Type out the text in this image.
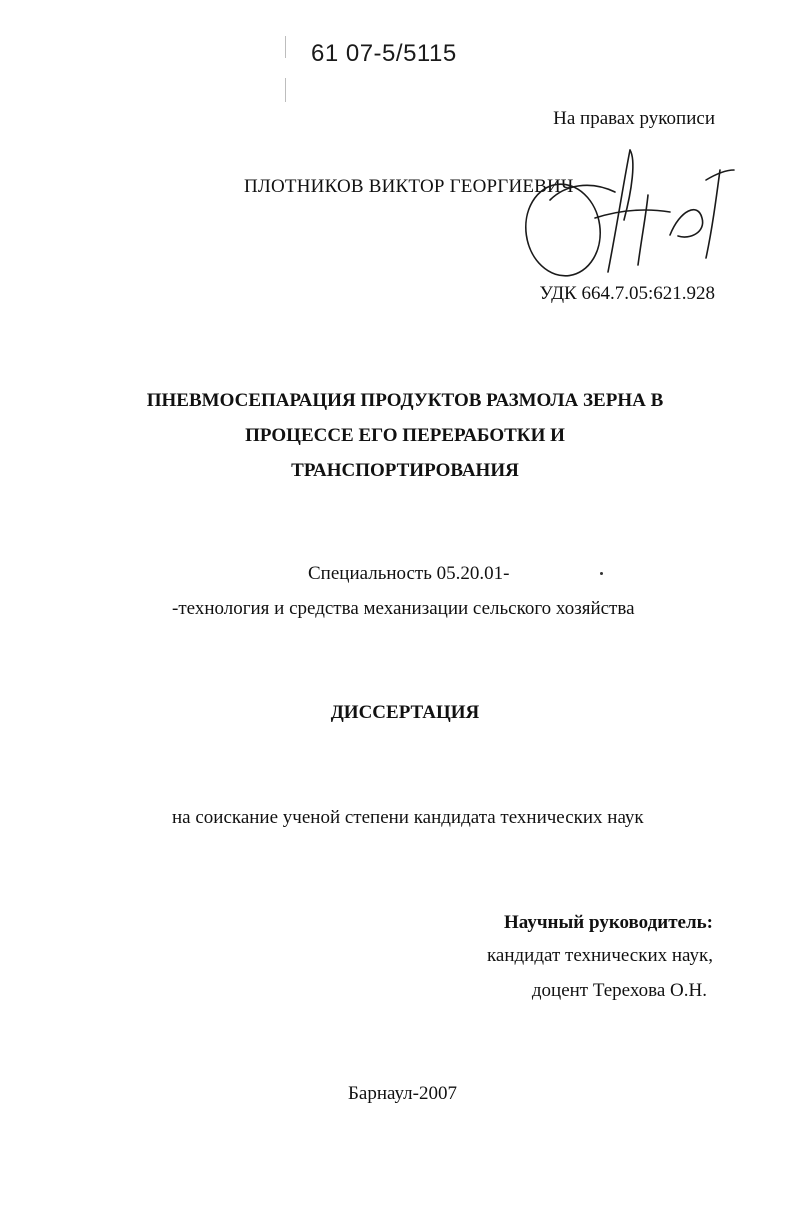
61 07-5/5115
На правах рукописи
ПЛОТНИКОВ ВИКТОР ГЕОРГИЕВИЧ
УДК 664.7.05:621.928
ПНЕВМОСЕПАРАЦИЯ ПРОДУКТОВ РАЗМОЛА ЗЕРНА В
ПРОЦЕССЕ ЕГО ПЕРЕРАБОТКИ И
ТРАНСПОРТИРОВАНИЯ
Специальность 05.20.01-
-технология и средства механизации сельского хозяйства
ДИССЕРТАЦИЯ
на соискание ученой степени кандидата технических наук
Научный руководитель:
кандидат технических наук,
доцент Терехова О.Н.
Барнаул-2007
